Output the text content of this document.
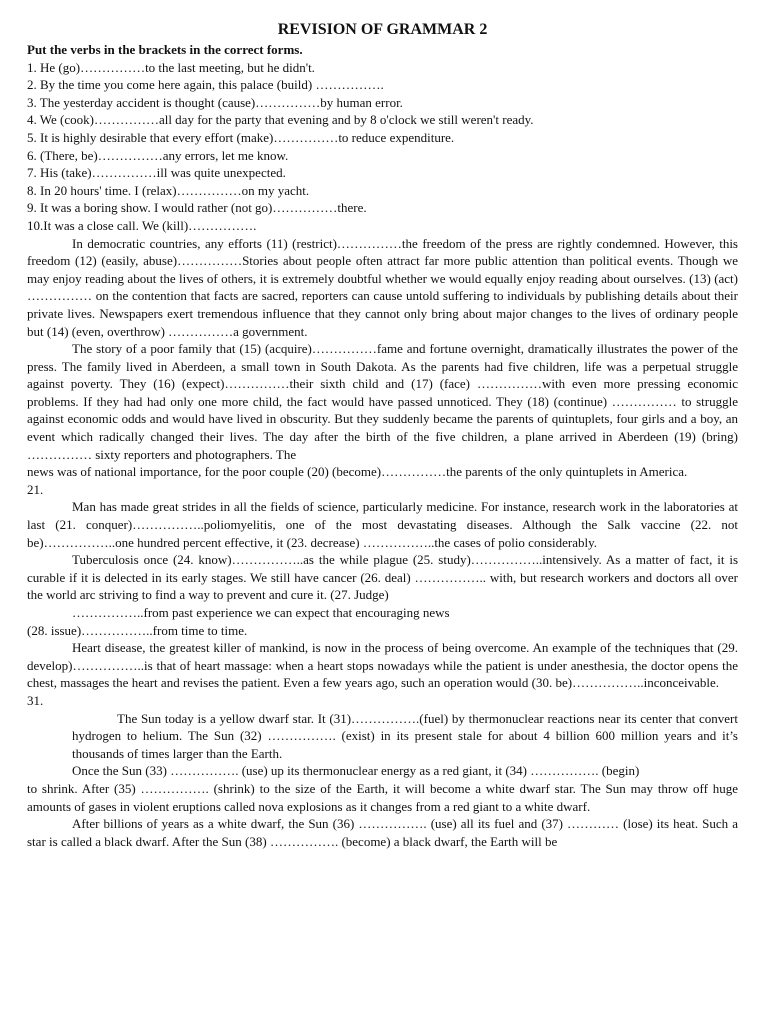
REVISION OF GRAMMAR 2

Put the verbs in the brackets in the correct forms.

1. He (go)……………to the last meeting, but he didn't.

2. By the time you come here again, this palace (build) …………….

3. The yesterday accident is thought (cause)……………by human error.

4. We (cook)……………all day for the party that evening and by 8 o'clock we still weren't ready.

5. It is highly desirable that every effort (make)……………to reduce expenditure.

6. (There, be)……………any errors, let me know.

7. His (take)……………ill was quite unexpected.

8. In 20 hours' time. I (relax)……………on my yacht.

9. It was a boring show. I would rather (not go)……………there.

10.It was a close call. We (kill)…………….

In democratic countries, any efforts (11) (restrict)……………the freedom of the press are rightly condemned. However, this freedom (12) (easily, abuse)……………Stories about people often attract far more public attention than political events. Though we may enjoy reading about the lives of others, it is extremely doubtful whether we would equally enjoy reading about ourselves. (13) (act) …………… on the contention that facts are sacred, reporters can cause untold suffering to individuals by publishing details about their private lives. Newspapers exert tremendous influence that they cannot only bring about major changes to the lives of ordinary people but (14) (even, overthrow) ……………a government.

The story of a poor family that (15) (acquire)……………fame and fortune overnight, dramatically illustrates the power of the press. The family lived in Aberdeen, a small town in South Dakota. As the parents had five children, life was a perpetual struggle against poverty. They (16) (expect)……………their sixth child and (17) (face) ……………with even more pressing economic problems. If they had had only one more child, the fact would have passed unnoticed. They (18) (continue) …………… to struggle against economic odds and would have lived in obscurity. But they suddenly became the parents of quintuplets, four girls and a boy, an event which radically changed their lives. The day after the birth of the five children, a plane arrived in Aberdeen (19) (bring) …………… sixty reporters and photographers. The

news was of national importance, for the poor couple (20) (become)……………the parents of the only quintuplets in America.

21.

Man has made great strides in all the fields of science, particularly medicine. For instance, research work in the laboratories at last (21. conquer)……………..poliomyelitis, one of the most devastating diseases. Although the Salk vaccine (22. not be)……………..one hundred percent effective, it (23. decrease) ……………..the cases of polio considerably.

Tuberculosis once (24. know)……………..as the while plague (25. study)……………..intensively. As a matter of fact, it is curable if it is delected in its early stages. We still have cancer (26. deal) …………….. with, but research workers and doctors all over the world arc striving to find a way to prevent and cure it. (27. Judge)

……………..from past experience we can expect that encouraging news

(28. issue)……………..from time to time.

Heart disease, the greatest killer of mankind, is now in the process of being overcome. An example of the techniques that (29. develop)……………..is that of heart massage: when a heart stops nowadays while the patient is under anesthesia, the doctor opens the chest, massages the heart and revises the patient. Even a few years ago, such an operation would (30. be)……………..inconceivable.

31.

The Sun today is a yellow dwarf star. It (31)…………….(fuel) by thermonuclear reactions near its center that convert hydrogen to helium. The Sun (32) ……………. (exist) in its present stale for about 4 billion 600 million years and it’s thousands of times larger than the Earth.

Once the Sun (33) ……………. (use) up its thermonuclear energy as a red giant, it (34) ……………. (begin)

to shrink. After (35) ……………. (shrink) to the size of the Earth, it will become a white dwarf star. The Sun may throw off huge amounts of gases in violent eruptions called nova explosions as it changes from a red giant to a white dwarf.

After billions of years as a white dwarf, the Sun (36) ……………. (use) all its fuel and (37) ………… (lose) its heat. Such a star is called a black dwarf. After the Sun (38) ……………. (become) a black dwarf, the Earth will be
